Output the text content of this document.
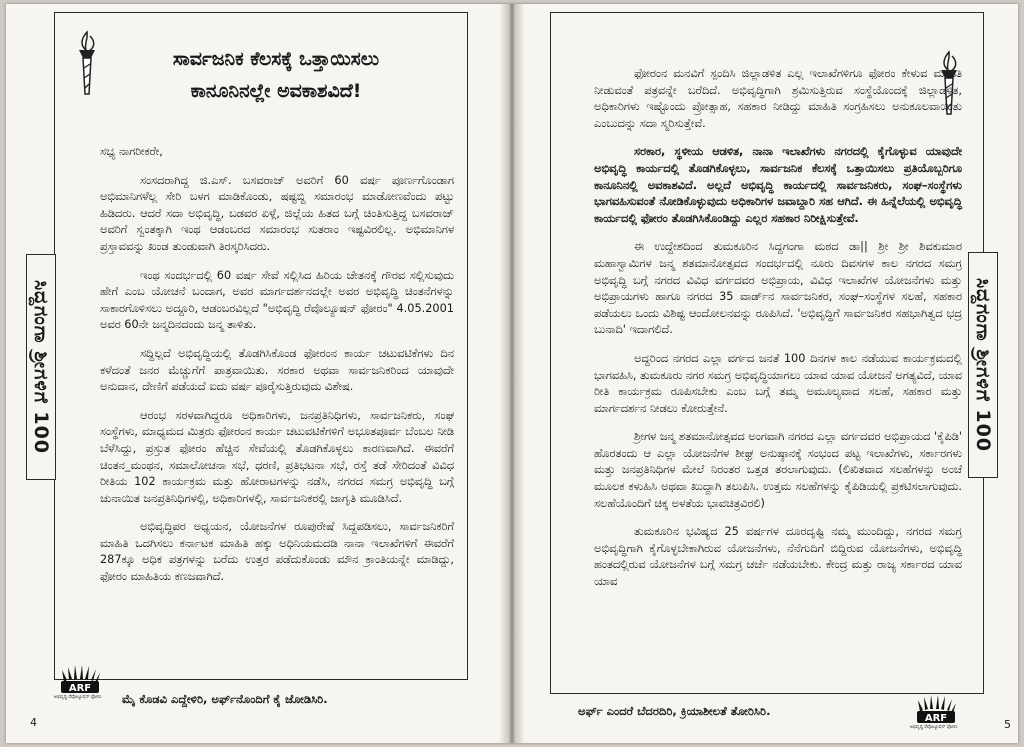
ಸಿದ್ದಗಂಗಾ ಶ್ರೀಗಳಿಗೆ 100
ಸಾರ್ವಜನಿಕ ಕೆಲಸಕ್ಕೆ ಒತ್ತಾಯಿಸಲು
ಕಾನೂನಿನಲ್ಲೇ ಅವಕಾಶವಿದೆ!

ಸಭ್ಯ ನಾಗರೀಕರೇ,

ಸಂಸದರಾಗಿದ್ದ ಜಿ.ಎಸ್. ಬಸವರಾಜ್ ಅವರಿಗೆ 60 ವರ್ಷ ಪೂರ್ಣಗೊಂಡಾಗ ಅಭಿಮಾನಿಗಳೆಲ್ಲ ಸೇರಿ ಬಳಗ ಮಾಡಿಕೊಂಡು, ಷಷ್ಟಬ್ದಿ ಸಮಾರಂಭ ಮಾಡೋಣವೆಂದು ಪಟ್ಟು ಹಿಡಿದರು. ಆದರೆ ಸದಾ ಅಭಿವೃದ್ಧಿ, ಬಡವರ ಏಳ್ಗೆ, ಜಿಲ್ಲೆಯ ಹಿತದ ಬಗ್ಗೆ ಚಿಂತಿಸುತ್ತಿದ್ದ ಬಸವರಾಜ್ ಅವರಿಗೆ ಸ್ವಂತಕ್ಕಾಗಿ ಇಂಥ ಆಡಂಬರದ ಸಮಾರಂಭ ಸುತರಾಂ ಇಷ್ಟವಿರಲಿಲ್ಲ. ಅಭಿಮಾನಿಗಳ ಪ್ರಸ್ತಾವವನ್ನು ಖಂಡ ತುಂಡುವಾಗಿ ತಿರಸ್ಕರಿಸಿದರು.

ಇಂಥ ಸಂದರ್ಭದಲ್ಲಿ 60 ವರ್ಷ ಸೇವೆ ಸಲ್ಲಿಸಿದ ಹಿರಿಯ ಚೇತನಕ್ಕೆ ಗೌರವ ಸಲ್ಲಿಸುವುದು ಹೇಗೆ ಎಂಬ ಯೋಚನೆ ಬಂದಾಗ, ಅವರ ಮಾರ್ಗದರ್ಶನದಲ್ಲೇ ಅವರ ಅಭಿವೃದ್ಧಿ ಚಿಂತನೆಗಳನ್ನು ಸಾಕಾರಗೊಳಿಸಲು ಅದ್ದೂರಿ, ಆಡಂಬರವಿಲ್ಲದೆ "ಅಭಿವೃದ್ಧಿ ರೆವೊಲ್ಯೂಷನ್ ಫೋರಂ" 4.05.2001 ಅವರ 60ನೇ ಜನ್ಮದಿನದಂದು ಜನ್ಮ ತಾಳಿತು.

ಸದ್ದಿಲ್ಲದೆ ಅಭಿವೃದ್ಧಿಯಲ್ಲಿ ತೊಡಗಿಸಿಕೊಂಡ ಫೋರಂನ ಕಾರ್ಯ ಚಟುವಟಿಕೆಗಳು ದಿನ ಕಳೆದಂತೆ ಜನರ ಮೆಚ್ಚುಗೆಗೆ ಪಾತ್ರವಾಯಿತು. ಸರಕಾರ ಅಥವಾ ಸಾರ್ವಜನಿಕರಿಂದ ಯಾವುದೇ ಅನುದಾನ, ದೇಣಿಗೆ ಪಡೆಯದೆ ಐದು ವರ್ಷ ಪೂರೈಸುತ್ತಿರುವುದು ವಿಶೇಷ.

ಆರಂಭ ಸರಳವಾಗಿದ್ದರೂ ಅಧಿಕಾರಿಗಳು, ಜನಪ್ರತಿನಿಧಿಗಳು, ಸಾರ್ವಜನಿಕರು, ಸಂಘ ಸಂಸ್ಥೆಗಳು, ಮಾಧ್ಯಮದ ಮಿತ್ರರು ಫೋರಂನ ಕಾರ್ಯ ಚಟುವಟಿಕೆಗಳಿಗೆ ಅಭೂತಪೂರ್ವ ಬೆಂಬಲ ನೀಡಿ ಬೆಳೆಸಿದ್ದು, ಪ್ರಸ್ತುತ ಫೋರಂ ಹೆಚ್ಚಿನ ಸೇವೆಯಲ್ಲಿ ತೊಡಗಿಕೊಳ್ಳಲು ಕಾರಣವಾಗಿದೆ. ಈವರೆಗೆ ಚಿಂತನ_ಮಂಥನ, ಸಮಾಲೋಚನಾ ಸಭೆ, ಧರಣಿ, ಪ್ರತಿಭಟನಾ ಸಭೆ, ರಸ್ತೆ ತಡೆ ಸೇರಿದಂತೆ ವಿವಿಧ ರೀತಿಯ 102 ಕಾರ್ಯಕ್ರಮ ಮತ್ತು ಹೋರಾಟಗಳನ್ನು ನಡೆಸಿ, ನಗರದ ಸಮಗ್ರ ಅಭಿವೃದ್ಧಿ ಬಗ್ಗೆ ಚುನಾಯಿತ ಜನಪ್ರತಿನಿಧಿಗಳಲ್ಲಿ, ಅಧಿಕಾರಿಗಳಲ್ಲಿ, ಸಾರ್ವಜನಿಕರಲ್ಲಿ ಜಾಗೃತಿ ಮೂಡಿಸಿದೆ.

ಅಭಿವೃದ್ಧಿಪರ ಅಧ್ಯಯನ, ಯೋಜನೆಗಳ ರೂಪುರೇಷೆ ಸಿದ್ದಪಡಿಸಲು, ಸಾರ್ವಜನಿಕರಿಗೆ ಮಾಹಿತಿ ಒದಗಿಸಲು ಕರ್ನಾಟಕ ಮಾಹಿತಿ ಹಕ್ಕು ಅಧಿನಿಯಮದಡಿ ನಾನಾ ಇಲಾಖೆಗಳಿಗೆ ಈವರೆಗೆ 287ಕ್ಕೂ ಅಧಿಕ ಪತ್ರಗಳನ್ನು ಬರೆದು ಉತ್ತರ ಪಡೆದುಕೊಂಡು ಮೌನ ಕ್ರಾಂತಿಯನ್ನೇ ಮಾಡಿದ್ದು, ಫೋರಂ ಮಾಹಿತಿಯ ಕಣಜವಾಗಿದೆ.

ARF
ಅಭಿವೃದ್ಧಿ ರೆವೊಲ್ಯೂಷನ್ ಫೋರಂ ಮೈ ಕೊಡವಿ ಎದ್ದೇಳಿರಿ, ಅರ್ಫ್‌ನೊಂದಿಗೆ ಕೈ ಜೋಡಿಸಿರಿ.
4
ಸಿದ್ದಗಂಗಾ ಶ್ರೀಗಳಿಗೆ 100

ಫೋರಂನ ಮನವಿಗೆ ಸ್ಪಂದಿಸಿ ಜಿಲ್ಲಾಡಳಿತ ಎಲ್ಲ ಇಲಾಖೆಗಳಿಗೂ ಫೋರಂ ಕೇಳುವ ಮಾಹಿತಿ ನೀಡುವಂತೆ ಪತ್ರವನ್ನೇ ಬರೆದಿದೆ. ಅಭಿವೃದ್ಧಿಗಾಗಿ ಶ್ರಮಿಸುತ್ತಿರುವ ಸಂಸ್ಥೆಯೊಂದಕ್ಕೆ ಜಿಲ್ಲಾಡಳಿತ, ಅಧಿಕಾರಿಗಳು ಇಷ್ಟೊಂದು ಪ್ರೋತ್ಸಾಹ, ಸಹಕಾರ ನೀಡಿದ್ದು ಮಾಹಿತಿ ಸಂಗ್ರಹಿಸಲು ಅನುಕೂಲವಾಯಿತು ಎಂಬುದನ್ನು ಸದಾ ಸ್ಮರಿಸುತ್ತೇವೆ.

ಸರಕಾರ, ಸ್ಥಳೀಯ ಆಡಳಿತ, ನಾನಾ ಇಲಾಖೆಗಳು ನಗರದಲ್ಲಿ ಕೈಗೊಳ್ಳುವ ಯಾವುದೇ ಅಭಿವೃದ್ಧಿ ಕಾರ್ಯದಲ್ಲಿ ತೊಡಗಿಕೊಳ್ಳಲು, ಸಾರ್ವಜನಿಕ ಕೆಲಸಕ್ಕೆ ಒತ್ತಾಯಿಸಲು ಪ್ರತಿಯೊಬ್ಬರಿಗೂ ಕಾನೂನಿನಲ್ಲಿ ಅವಕಾಶವಿದೆ. ಅಲ್ಲದೆ ಅಭಿವೃದ್ಧಿ ಕಾರ್ಯದಲ್ಲಿ ಸಾರ್ವಜನಿಕರು, ಸಂಘ–ಸಂಸ್ಥೆಗಳು ಭಾಗವಹಿಸುವಂತೆ ನೋಡಿಕೊಳ್ಳುವುದು ಅಧಿಕಾರಿಗಳ ಜವಾಬ್ದಾರಿ ಸಹ ಆಗಿದೆ. ಈ ಹಿನ್ನೆಲೆಯಲ್ಲಿ ಅಭಿವೃದ್ಧಿ ಕಾರ್ಯದಲ್ಲಿ ಫೋರಂ ತೊಡಗಿಸಿಕೊಂಡಿದ್ದು ಎಲ್ಲರ ಸಹಕಾರ ನಿರೀಕ್ಷಿಸುತ್ತೇವೆ.

ಈ ಉದ್ದೇಶದಿಂದ ತುಮಕೂರಿನ ಸಿದ್ದಗಂಗಾ ಮಠದ ಡಾ|| ಶ್ರೀ ಶ್ರೀ ಶಿವಕುಮಾರ ಮಹಾಸ್ವಾಮಿಗಳ ಜನ್ಮ ಶತಮಾನೋತ್ಸವದ ಸಂದರ್ಭದಲ್ಲಿ ನೂರು ದಿವಸಗಳ ಕಾಲ ನಗರದ ಸಮಗ್ರ ಅಭಿವೃದ್ಧಿ ಬಗ್ಗೆ ನಗರದ ವಿವಿಧ ವರ್ಗದವರ ಅಭಿಪ್ರಾಯ, ವಿವಿಧ ಇಲಾಖೆಗಳ ಯೋಜನೆಗಳು ಮತ್ತು ಅಭಿಪ್ರಾಯಗಳು ಹಾಗೂ ನಗರದ 35 ವಾರ್ಡ್‌ನ ಸಾರ್ವಜನಿಕರ, ಸಂಘ–ಸಂಸ್ಥೆಗಳ ಸಲಹೆ, ಸಹಕಾರ ಪಡೆಯಲು ಒಂದು ವಿಶಿಷ್ಟ ಆಂದೋಲನವನ್ನು ರೂಪಿಸಿದೆ. 'ಅಭಿವೃದ್ಧಿಗೆ ಸಾರ್ವಜನಿಕರ ಸಹಭಾಗಿತ್ವದ ಭದ್ರ ಬುನಾದಿ' ಇದಾಗಲಿದೆ.

ಅದ್ದರಿಂದ ನಗರದ ಎಲ್ಲಾ ವರ್ಗದ ಜನತೆ 100 ದಿನಗಳ ಕಾಲ ನಡೆಯುವ ಕಾರ್ಯಕ್ರಮದಲ್ಲಿ ಭಾಗವಹಿಸಿ, ತುಮಕೂರು ನಗರ ಸಮಗ್ರ ಅಭಿವೃದ್ಧಿಯಾಗಲು ಯಾವ ಯಾವ ಯೋಜನೆ ಅಗತ್ಯವಿದೆ, ಯಾವ ರೀತಿ ಕಾರ್ಯಕ್ರಮ ರೂಪಿಸಬೇಕು ಎಂಬ ಬಗ್ಗೆ ತಮ್ಮ ಅಮೂಲ್ಯವಾದ ಸಲಹೆ, ಸಹಕಾರ ಮತ್ತು ಮಾರ್ಗದರ್ಶನ ನೀಡಲು ಕೋರುತ್ತೇನೆ.

ಶ್ರೀಗಳ ಜನ್ಮ ಶತಮಾನೋತ್ಸವದ ಅಂಗವಾಗಿ ನಗರದ ಎಲ್ಲಾ ವರ್ಗದವರ ಅಭಿಪ್ರಾಯದ 'ಕೈಪಿಡಿ' ಹೊರತಂದು ಆ ಎಲ್ಲಾ ಯೋಜನೆಗಳ ಶೀಘ್ರ ಅನುಷ್ಠಾನಕ್ಕೆ ಸಂಭಂದ ಪಟ್ಟ ಇಲಾಖೆಗಳು, ಸರ್ಕಾರಗಳು ಮತ್ತು ಜನಪ್ರತಿನಿಧಿಗಳ ಮೇಲೆ ನಿರಂತರ ಒತ್ತಡ ತರಲಾಗುವುದು. (ಲಿಖಿತವಾದ ಸಲಹೆಗಳನ್ನು ಅಂಚೆ ಮೂಲಕ ಕಳುಹಿಸಿ ಅಥವಾ ಖುದ್ದಾಗಿ ತಲುಪಿಸಿ. ಉತ್ತಮ ಸಲಹೆಗಳನ್ನು ಕೈಪಿಡಿಯಲ್ಲಿ ಪ್ರಕಟಿಸಲಾಗುವುದು. ಸಲಹೆಯೊಂದಿಗೆ ಚಿಕ್ಕ ಅಳತೆಯ ಭಾವಚಿತ್ರವಿರಲಿ)

ತುಮಕೂರಿನ ಭವಿಷ್ಯದ 25 ವರ್ಷಗಳ ದೂರದೃಷ್ಟಿ ನಮ್ಮ ಮುಂದಿದ್ದು, ನಗರದ ಸಮಗ್ರ ಅಭಿವೃದ್ಧಿಗಾಗಿ ಕೈಗೊಳ್ಳಬೇಕಾಗಿರುವ ಯೋಜನೆಗಳು, ನೆನೆಗುದಿಗೆ ಬಿದ್ದಿರುವ ಯೋಜನೆಗಳು, ಅಭಿವೃದ್ಧಿ ಹಂತದಲ್ಲಿರುವ ಯೋಜನೆಗಳ ಬಗ್ಗೆ ಸಮಗ್ರ ಚರ್ಚೆ ನಡೆಯಬೇಕು. ಕೇಂದ್ರ ಮತ್ತು ರಾಜ್ಯ ಸರ್ಕಾರದ ಯಾವ ಯಾವ

ARF
ಅಭಿವೃದ್ಧಿ ರೆವೊಲ್ಯೂಷನ್ ಫೋರಂ
ಅರ್ಫ್ ಎಂದರೆ ಬೆದರದಿರಿ, ಕ್ರಿಯಾಶೀಲತೆ ತೋರಿಸಿರಿ.
5
